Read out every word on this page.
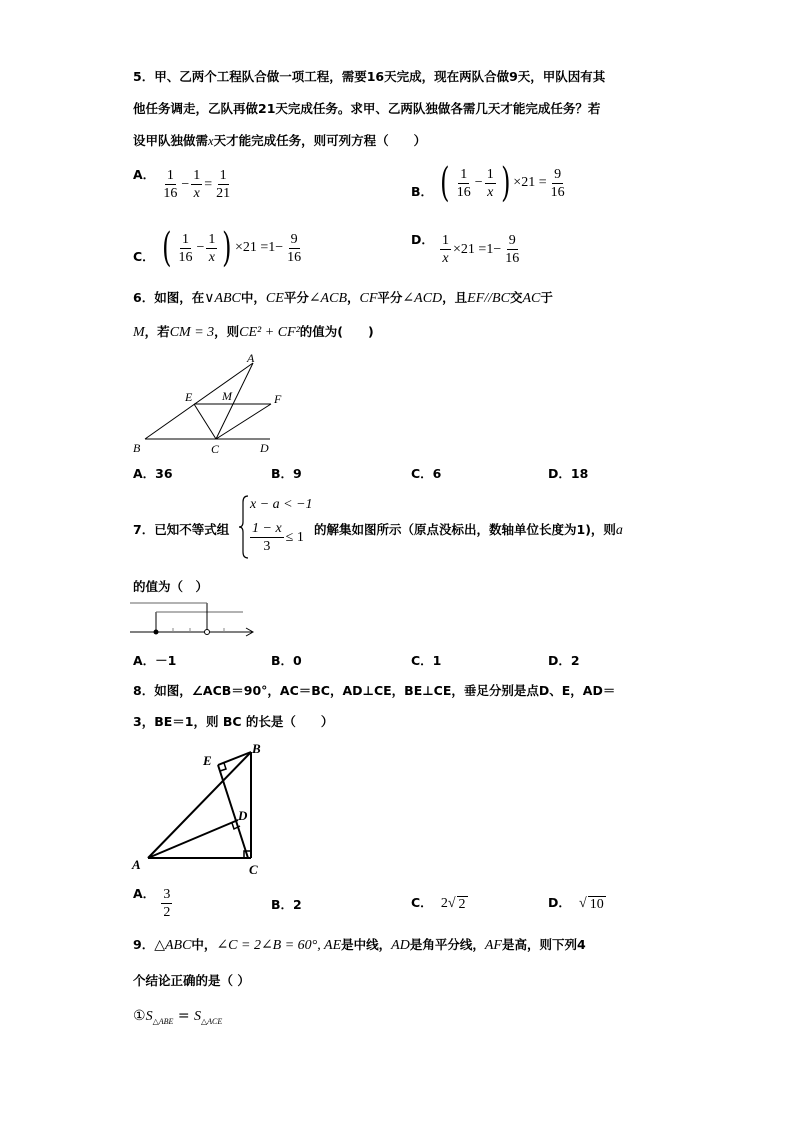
5．甲、乙两个工程队合做一项工程，需要16天完成，现在两队合做9天，甲队因有其
他任务调走，乙队再做21天完成任务。求甲、乙两队独做各需几天才能完成任务？若
设甲队独做需x天才能完成任务，则可列方程（　　）
A． $\frac{1}{16} - \frac{1}{x} = \frac{1}{21}$	B． ( $\frac{1}{16} - \frac{1}{x}$ ) $\times 21 = \frac{9}{16}$
C． ( $\frac{1}{16} - \frac{1}{x}$ ) $\times 21 = 1- \frac{9}{16}$	D． $\frac{1}{x} \times 21 = 1- \frac{9}{16}$
6．如图，在∨ABC中，CE平分∠ACB，CF平分∠ACD，且EF//BC交AC于
M，若CM = 3，则CE² + CF²的值为(　　)
A
E M	F
B	C	D
A．36	B．9	C．6	D．18
7．已知不等式组
x − a < −1
$\frac{1 - x}{3} \le 1$ 的解集如图所示（原点没标出，数轴单位长度为1)，则a
的值为（　）
A．－1	B．0	C．1	D．2
8．如图，∠ACB＝90°，AC＝BC，AD⊥CE，BE⊥CE，垂足分别是点D、E，AD＝
3，BE＝1，则 BC 的长是（　　）
E
B
D
A	C
A． $\frac{3}{2}$	B．2	C． 2 √ 2	D． √ 10
9．△ABC中，∠C = 2∠B = 60°, AE是中线，AD是角平分线，AF是高，则下列4
个结论正确的是（ ）
$①S_{\triangle ABE} = S_{\triangle ACE}$
